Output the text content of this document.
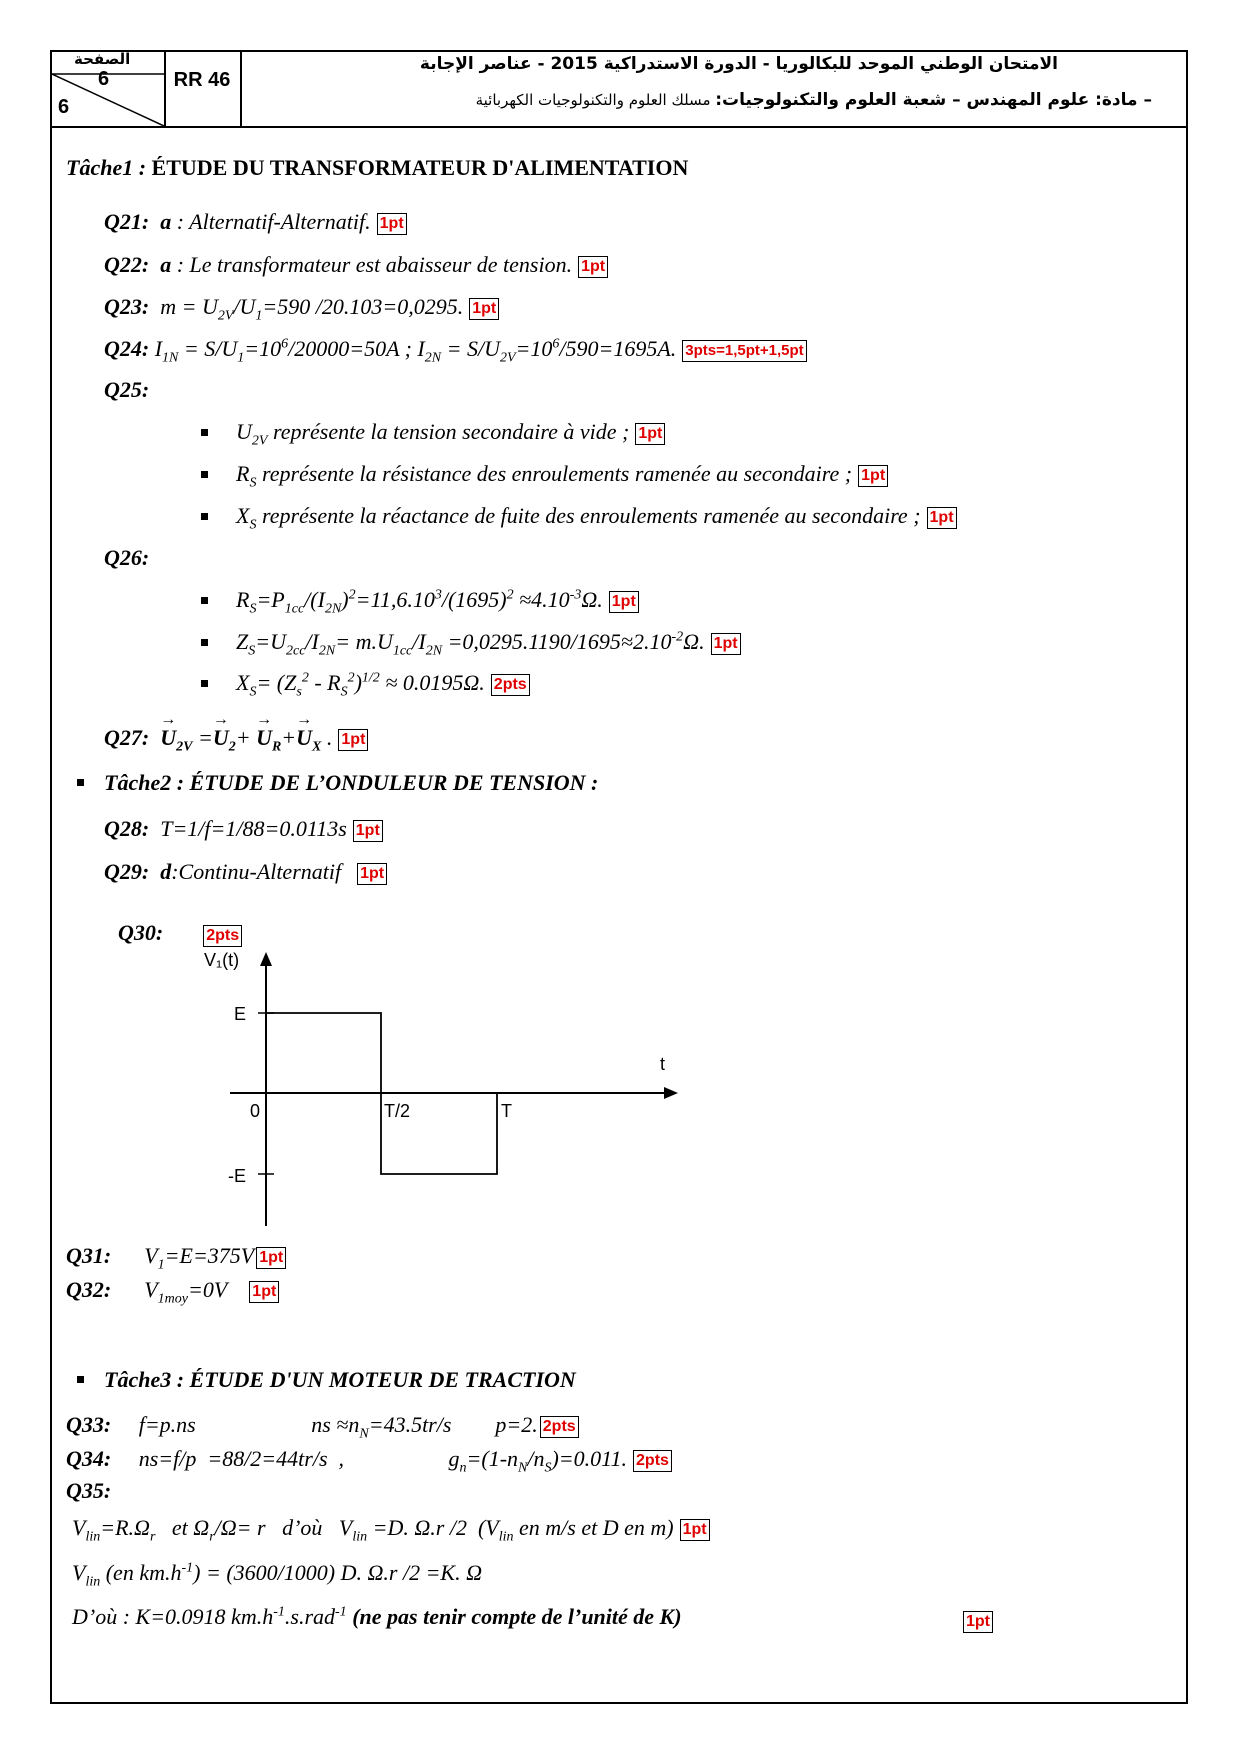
الصفحة
6
6
RR 46
الامتحان الوطني الموحد للبكالوريا - الدورة الاستدراكية 2015 - عناصر الإجابة
– مادة: علوم المهندس – شعبة العلوم والتكنولوجيات: مسلك العلوم والتكنولوجيات الكهربائية
Tâche1 : ÉTUDE DU TRANSFORMATEUR D'ALIMENTATION
Q21: a : Alternatif-Alternatif. 1pt
Q22: a : Le transformateur est abaisseur de tension. 1pt
Q23:  $m = U_{2V}/U_1=590$ /20.103=0,0295. 1pt
Q24: $I_{1N} = S/U_1=10^6/20000=50A$ ; $I_{2N} = S/U_{2V}=10^6/590=1695A$. 3pts=1,5pt+1,5pt
Q25:
$U_{2V}$ représente la tension secondaire à vide ; 1pt
$R_S$ représente la résistance des enroulements ramenée au secondaire ; 1pt
$X_S$ représente la réactance de fuite des enroulements ramenée au secondaire ; 1pt
Q26:
$R_S=P_{1cc}/(I_{2N})^2=11,6.10^3/(1695)^2 \approx 4.10^{-3}\Omega$. 1pt
$Z_S=U_{2cc}/I_{2N}= m.U_{1cc}/I_{2N} =0,0295.1190/1695\approx 2.10^{-2}\Omega$. 1pt
$X_S= (Z_s^2 - R_S^2)^{1/2} \approx 0.0195\Omega$. 2pts
Q27:  → $U_{2V} =\to U_2+ \to U_R+\to U_X$ . 1pt
Tâche2 : ÉTUDE DE L’ONDULEUR DE TENSION :
Q28: T=1/f=1/88=0.0113s 1pt
Q29: d:Continu-Alternatif 1pt
Q30:	2pts
V₁(t)
t
E
-E
0	T/2	T
Q31:      $V_1=E=375V$ 1pt
Q32:      $V_{1moy}=0V$ 1pt
Tâche3 : ÉTUDE D'UN MOTEUR DE TRACTION
Q33:     f=p.ns                     ns $\approx n_N=43.5tr/s$        p=2. 2pts
Q34:     ns=f/p  =88/2=44tr/s  ,                   $g_n=(1-n_N/n_S)=0.011$. 2pts
Q35:
$V_{lin}=R.\Omega_r$   et $\Omega_r/\Omega= r$   d’où   $V_{lin} =D$. Ω.r /2  ($V_{lin}$ en m/s et D en m) 1pt
$V_{lin}$ (en $km.h^{-1}) = (3600/1000)$ D. Ω.r /2 =K. Ω
D’où : K=0.0918 $km.h^{-1}.s.rad^{-1}$ (ne pas tenir compte de l’unité de K)	1pt
